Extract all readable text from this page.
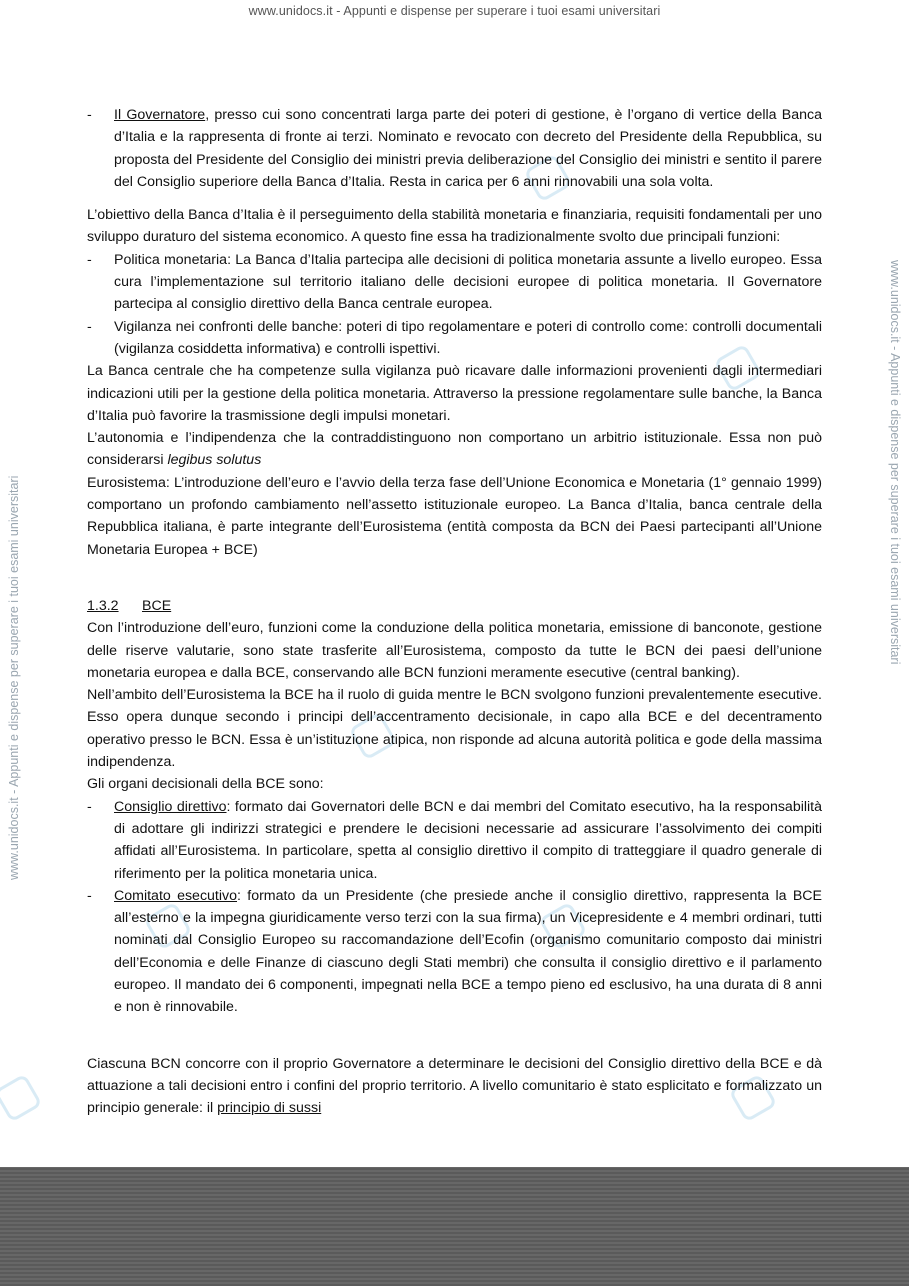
www.unidocs.it - Appunti e dispense per superare i tuoi esami universitari
www.unidocs.it - Appunti e dispense per superare i tuoi esami universitari
www.unidocs.it - Appunti e dispense per superare i tuoi esami universitari
-	Il Governatore, presso cui sono concentrati larga parte dei poteri di gestione, è l’organo di vertice della Banca d’Italia e la rappresenta di fronte ai terzi. Nominato e revocato con decreto del Presidente della Repubblica, su proposta del Presidente del Consiglio dei ministri previa deliberazione del Consiglio dei ministri e sentito il parere del Consiglio superiore della Banca d’Italia. Resta in carica per 6 anni rinnovabili una sola volta.

L’obiettivo della Banca d’Italia è il perseguimento della stabilità monetaria e finanziaria, requisiti fondamentali per uno sviluppo duraturo del sistema economico. A questo fine essa ha tradizionalmente svolto due principali funzioni:

-	Politica monetaria: La Banca d’Italia partecipa alle decisioni di politica monetaria assunte a livello europeo. Essa cura l’implementazione sul territorio italiano delle decisioni europee di politica monetaria. Il Governatore partecipa al consiglio direttivo della Banca centrale europea.

-	Vigilanza nei confronti delle banche: poteri di tipo regolamentare e poteri di controllo come: controlli documentali (vigilanza cosiddetta informativa) e controlli ispettivi.

La Banca centrale che ha competenze sulla vigilanza può ricavare dalle informazioni provenienti dagli intermediari indicazioni utili per la gestione della politica monetaria. Attraverso la pressione regolamentare sulle banche, la Banca d’Italia può favorire la trasmissione degli impulsi monetari.

L’autonomia e l’indipendenza che la contraddistinguono non comportano un arbitrio istituzionale. Essa non può considerarsi legibus solutus

Eurosistema: L’introduzione dell’euro e l’avvio della terza fase dell’Unione Economica e Monetaria (1° gennaio 1999) comportano un profondo cambiamento nell’assetto istituzionale europeo. La Banca d’Italia, banca centrale della Repubblica italiana, è parte integrante dell’Eurosistema (entità composta da BCN dei Paesi partecipanti all’Unione Monetaria Europea + BCE)

1.3.2	BCE

Con l’introduzione dell’euro, funzioni come la conduzione della politica monetaria, emissione di banconote, gestione delle riserve valutarie, sono state trasferite all’Eurosistema, composto da tutte le BCN dei paesi dell’unione monetaria europea e dalla BCE, conservando alle BCN funzioni meramente esecutive (central banking).

Nell’ambito dell’Eurosistema la BCE ha il ruolo di guida mentre le BCN svolgono funzioni prevalentemente esecutive. Esso opera dunque secondo i principi dell’accentramento decisionale, in capo alla BCE e del decentramento operativo presso le BCN. Essa è un’istituzione atipica, non risponde ad alcuna autorità politica e gode della massima indipendenza.

Gli organi decisionali della BCE sono:

-	Consiglio direttivo: formato dai Governatori delle BCN e dai membri del Comitato esecutivo, ha la responsabilità di adottare gli indirizzi strategici e prendere le decisioni necessarie ad assicurare l’assolvimento dei compiti affidati all’Eurosistema. In particolare, spetta al consiglio direttivo il compito di tratteggiare il quadro generale di riferimento per la politica monetaria unica.

-	Comitato esecutivo: formato da un Presidente (che presiede anche il consiglio direttivo, rappresenta la BCE all’esterno e la impegna giuridicamente verso terzi con la sua firma), un Vicepresidente e 4 membri ordinari, tutti nominati dal Consiglio Europeo su raccomandazione dell’Ecofin (organismo comunitario composto dai ministri dell’Economia e delle Finanze di ciascuno degli Stati membri) che consulta il consiglio direttivo e il parlamento europeo. Il mandato dei 6 componenti, impegnati nella BCE a tempo pieno ed esclusivo, ha una durata di 8 anni e non è rinnovabile.

Ciascuna BCN concorre con il proprio Governatore a determinare le decisioni del Consiglio direttivo della BCE e dà attuazione a tali decisioni entro i confini del proprio territorio. A livello comunitario è stato esplicitato e formalizzato un principio generale: il principio di sussi
